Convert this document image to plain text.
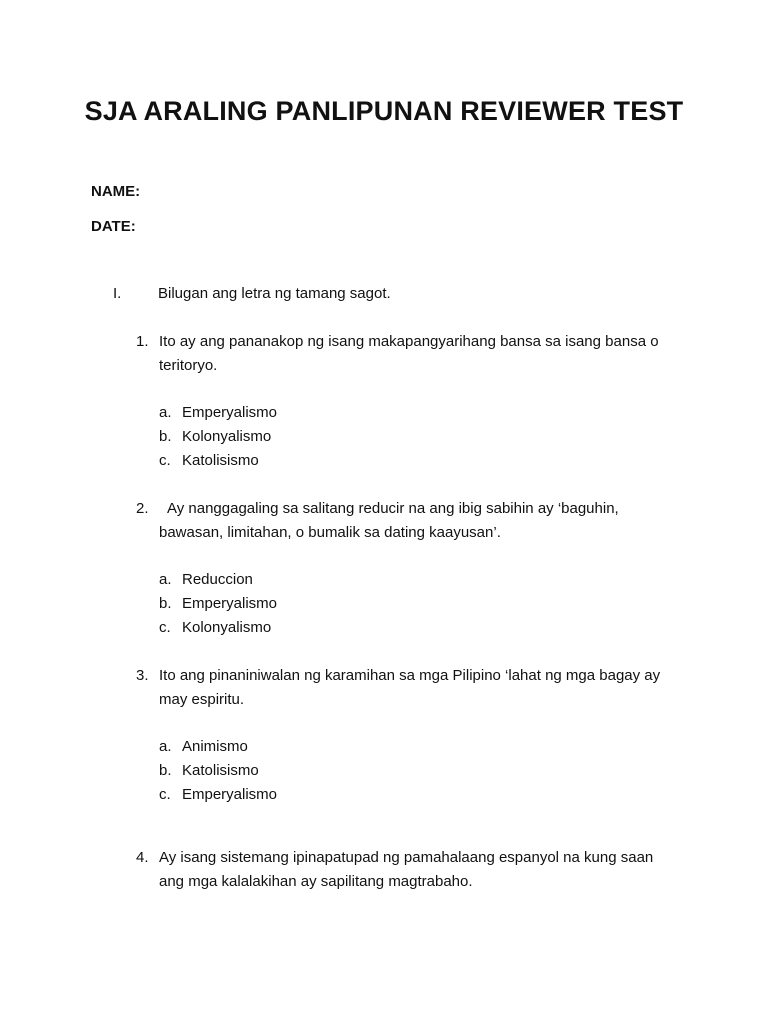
SJA ARALING PANLIPUNAN REVIEWER TEST
NAME:
DATE:
I. Bilugan ang letra ng tamang sagot.
1. Ito ay ang pananakop ng isang makapangyarihang bansa sa isang bansa o teritoryo.
a. Emperyalismo
b. Kolonyalismo
c. Katolisismo
2.	Ay nanggagaling sa salitang reducir na ang ibig sabihin ay ‘baguhin, bawasan, limitahan, o bumalik sa dating kaayusan’.
a. Reduccion
b. Emperyalismo
c. Kolonyalismo
3. Ito ang pinaniniwalan ng karamihan sa mga Pilipino ‘lahat ng mga bagay ay may espiritu.
a. Animismo
b. Katolisismo
c. Emperyalismo
4. Ay isang sistemang ipinapatupad ng pamahalaang espanyol na kung saan ang mga kalalakihan ay sapilitang magtrabaho.
